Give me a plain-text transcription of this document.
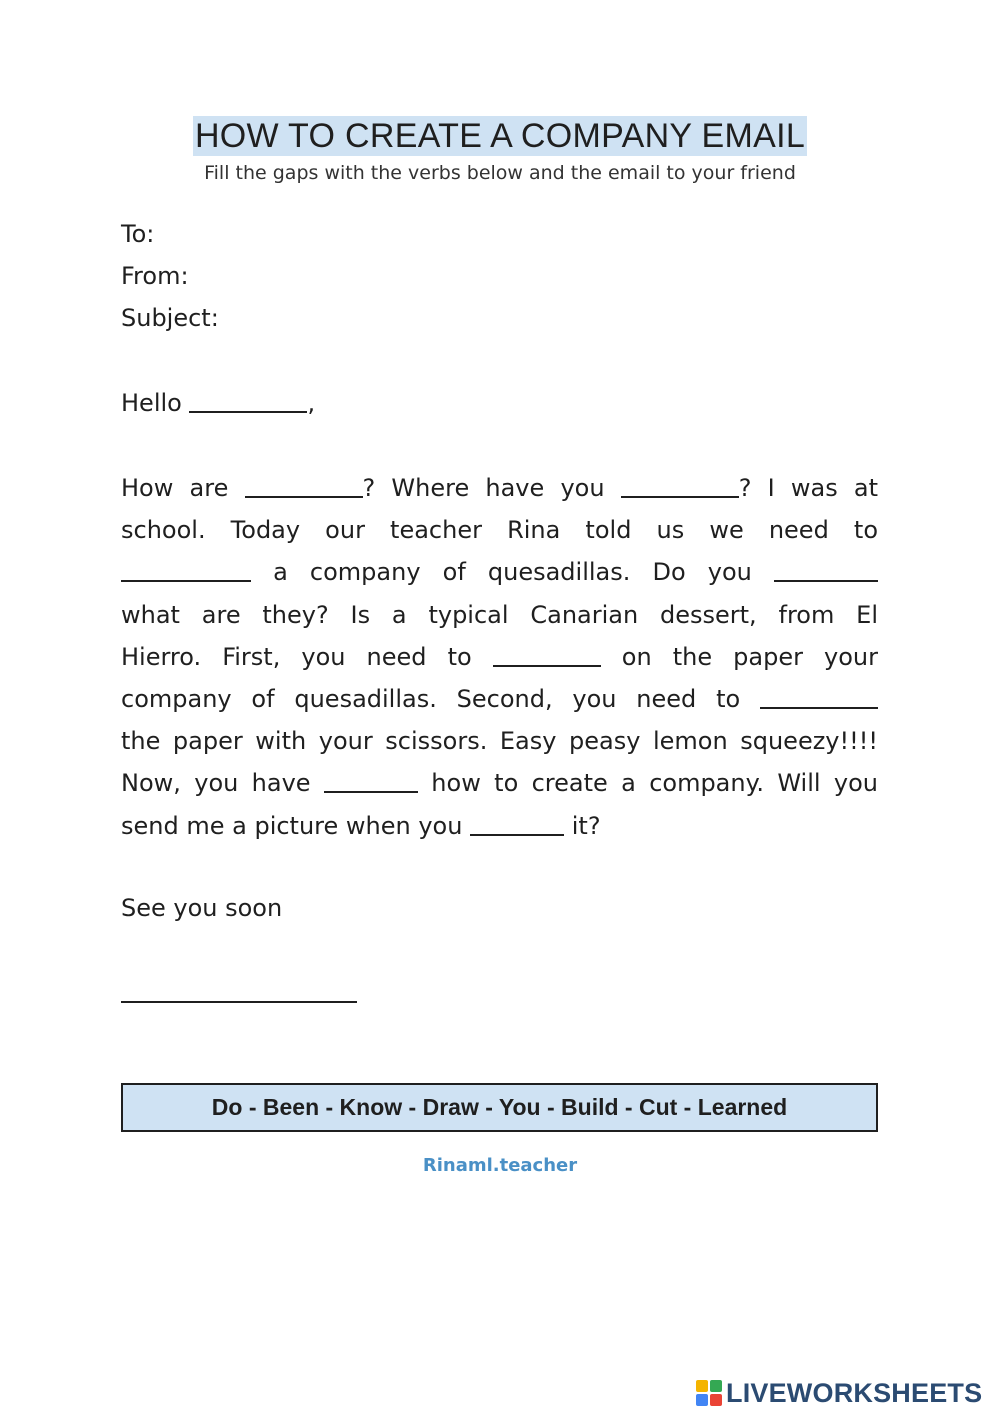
HOW TO CREATE A COMPANY EMAIL
Fill the gaps with the verbs below and the email to your friend
To:
From:
Subject:
Hello	,
How are	? Where have you	? I was at
school. Today our teacher Rina told us we need to
a company of quesadillas. Do you
what are they? Is a typical Canarian dessert, from El
Hierro. First, you need to	on the paper your
company of quesadillas. Second, you need to
the paper with your scissors. Easy peasy lemon squeezy!!!!
Now, you have	how to create a company. Will you
send me a picture when you	it?
See you soon
Do - Been - Know - Draw - You - Build - Cut - Learned
Rinaml.teacher
LIVEWORKSHEETS
